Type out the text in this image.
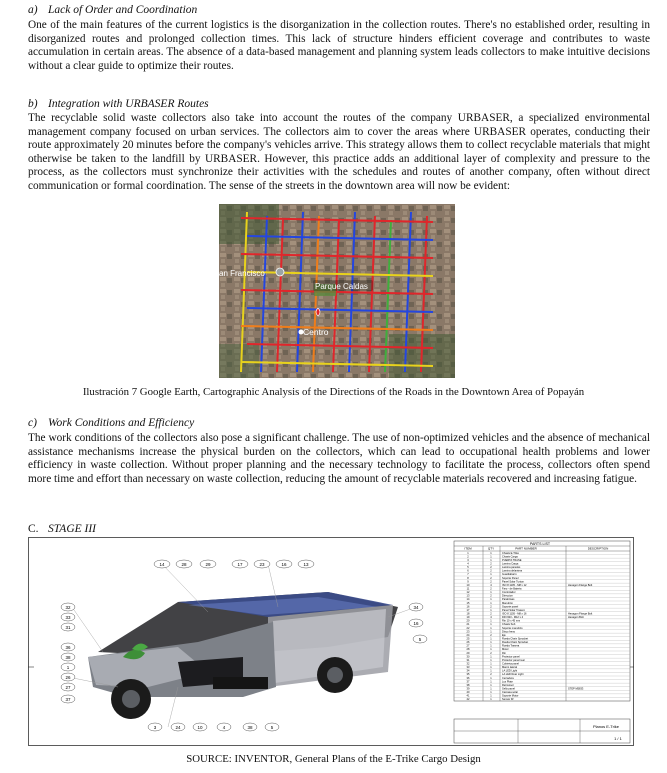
a) Lack of Order and Coordination
One of the main features of the current logistics is the disorganization in the collection routes. There's no established order, resulting in disorganized routes and prolonged collection times. This lack of structure hinders efficient coverage and contributes to waste accumulation in certain areas. The absence of a data-based management and planning system leads collectors to make intuitive decisions without a clear guide to optimize their routes.
b) Integration with URBASER Routes
The recyclable solid waste collectors also take into account the routes of the company URBASER, a specialized environmental management company focused on urban services. The collectors aim to cover the areas where URBASER operates, conducting their route approximately 20 minutes before the company's vehicles arrive. This strategy allows them to collect recyclable materials that might otherwise be taken to the landfill by URBASER. However, this practice adds an additional layer of complexity and pressure to the process, as the collectors must synchronize their activities with the schedules and routes of another company, often without direct communication or formal coordination. The sense of the streets in the downtown area will now be evident:
an Francisco
Parque Caldas
Centro
Ilustración 7 Google Earth, Cartographic Analysis of the Directions of the Roads in the Downtown Area of Popayán
c) Work Conditions and Efficiency
The work conditions of the collectors also pose a significant challenge. The use of non-optimized vehicles and the absence of mechanical assistance mechanisms increase the physical burden on the collectors, which can lead to occupational health problems and lower efficiency in waste collection. Without proper planning and the necessary technology to facilitate the process, collectors often spend more time and effort than necessary on waste collection, reducing the amount of recyclable materials recovered and increasing fatigue.
C. STAGE III
14	28	29	17	23	16	13
32
33
31
36
38
1
26
27
37
3	24	10	4	38	5
34
16
5
PARTS LIST
ITEM	QTY	PART NUMBER	DESCRIPTION
1	1	Chasis E-Trike
2	1	Chasis Carga
3	1	PUERTA TRASE
4	2	Lamina Carga
5	2	Lamina paneles
6	2	Lamina delantera
7	1	Guardabarro
8	2	Soporte Panel
9	2	Panel Solar Tunion
10	4	ISO 8 1105 - M8 x 12	Hexagon Flange Bolt
11	2	Faro - de Bateria
12	1	Controlador
13	2	Direccion
14	1	Parabrisas
15	1	Manubrio
16	2	Soporte panel
17	1	Panel Solar Trasero
18	2	ISO 8 1105 - M8 x 16	Hexagon Flange Bolt
19	4	DIN 933 - M12 x 4	Hexagon Bolt
20	1	Rin 10 x 45 mm
21	1	Chasis Sub
22	1	Soporte manubrio
23	1	Disco freno
24	2	Eje
25	1	Rueda Chain Sprocket
26	1	Rueda Chain Sprocket
27	1	Rueda Trasera
28	1	Motor
29	2	Rin
30	1	Protector panel
31	1	Protector panel rear
32	1	Cubierta panel
33	1	Marco lateral
34	1	LA LED Light
35	2	LA LED Rear Light
36	1	Cerradura
37	1	Luz Plate
38	1	Retrovisor
39	1	Sello panel	STEP M5833
40	1	Carcasa solar
41	1	Soporte Motor
42	1	Sensor IR
Planos E-Trike
1 / 1
SOURCE: INVENTOR, General Plans of the E-Trike Cargo Design
